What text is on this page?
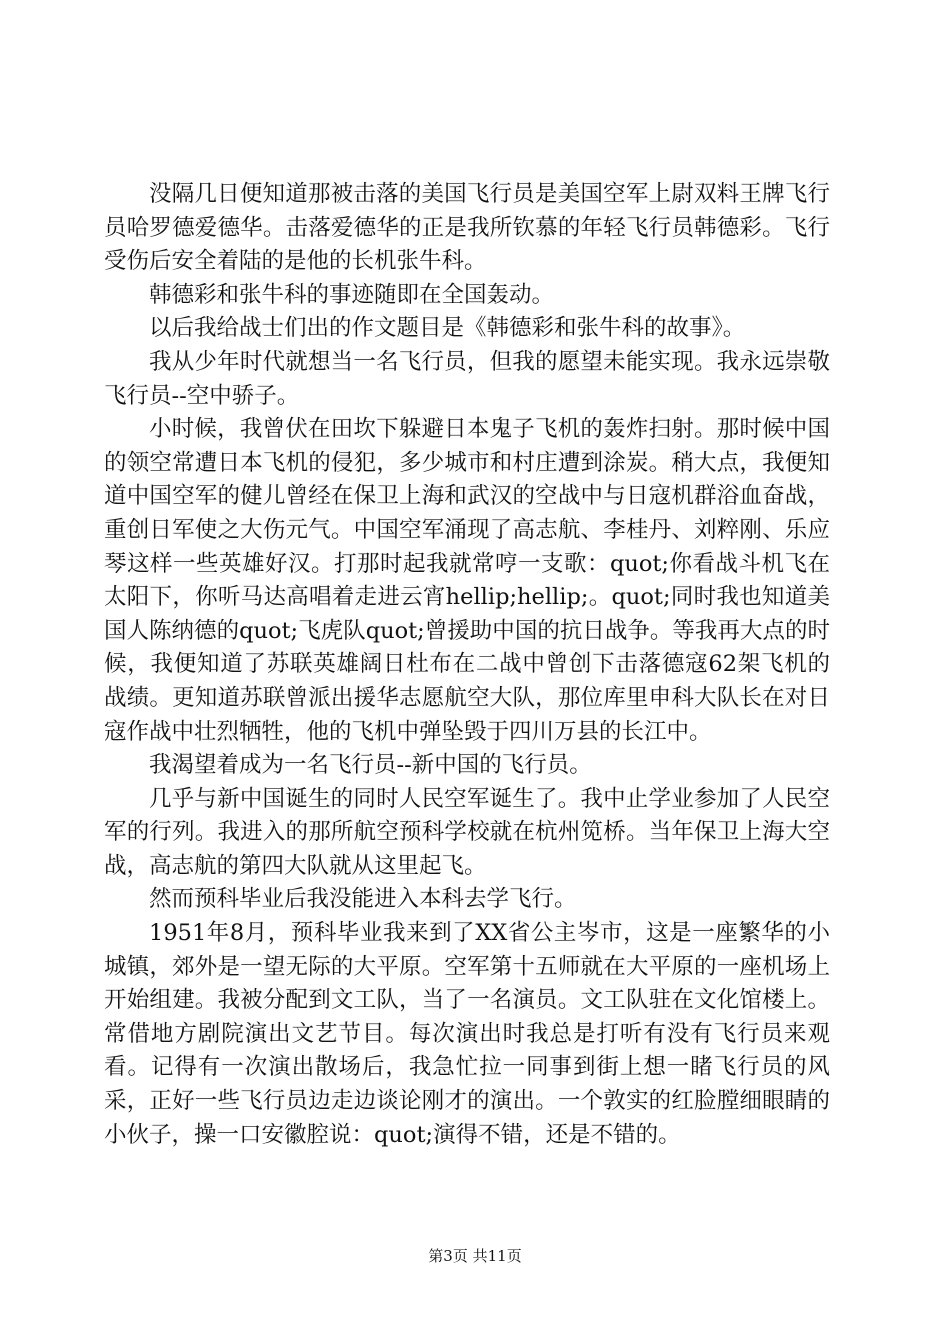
没隔几日便知道那被击落的美国飞行员是美国空军上尉双料王牌飞行员哈罗德爱德华。击落爱德华的正是我所钦慕的年轻飞行员韩德彩。飞行受伤后安全着陆的是他的长机张牛科。

韩德彩和张牛科的事迹随即在全国轰动。

以后我给战士们出的作文题目是《韩德彩和张牛科的故事》。

我从少年时代就想当一名飞行员，但我的愿望未能实现。我永远崇敬飞行员--空中骄子。

小时候，我曾伏在田坎下躲避日本鬼子飞机的轰炸扫射。那时候中国的领空常遭日本飞机的侵犯，多少城市和村庄遭到涂炭。稍大点，我便知道中国空军的健儿曾经在保卫上海和武汉的空战中与日寇机群浴血奋战，重创日军使之大伤元气。中国空军涌现了高志航、李桂丹、刘粹刚、乐应琴这样一些英雄好汉。打那时起我就常哼一支歌：quot;你看战斗机飞在太阳下，你听马达高唱着走进云宵hellip;hellip;。quot;同时我也知道美国人陈纳德的quot;飞虎队quot;曾援助中国的抗日战争。等我再大点的时候，我便知道了苏联英雄阔日杜布在二战中曾创下击落德寇62架飞机的战绩。更知道苏联曾派出援华志愿航空大队，那位库里申科大队长在对日寇作战中壮烈牺牲，他的飞机中弹坠毁于四川万县的长江中。

我渴望着成为一名飞行员--新中国的飞行员。

几乎与新中国诞生的同时人民空军诞生了。我中止学业参加了人民空军的行列。我进入的那所航空预科学校就在杭州笕桥。当年保卫上海大空战，高志航的第四大队就从这里起飞。

然而预科毕业后我没能进入本科去学飞行。

1951年8月，预科毕业我来到了XX省公主岑市，这是一座繁华的小城镇，郊外是一望无际的大平原。空军第十五师就在大平原的一座机场上开始组建。我被分配到文工队，当了一名演员。文工队驻在文化馆楼上。常借地方剧院演出文艺节目。每次演出时我总是打听有没有飞行员来观看。记得有一次演出散场后，我急忙拉一同事到街上想一睹飞行员的风采，正好一些飞行员边走边谈论刚才的演出。一个敦实的红脸膛细眼睛的小伙子，操一口安徽腔说：quot;演得不错，还是不错的。

第3页 共11页
